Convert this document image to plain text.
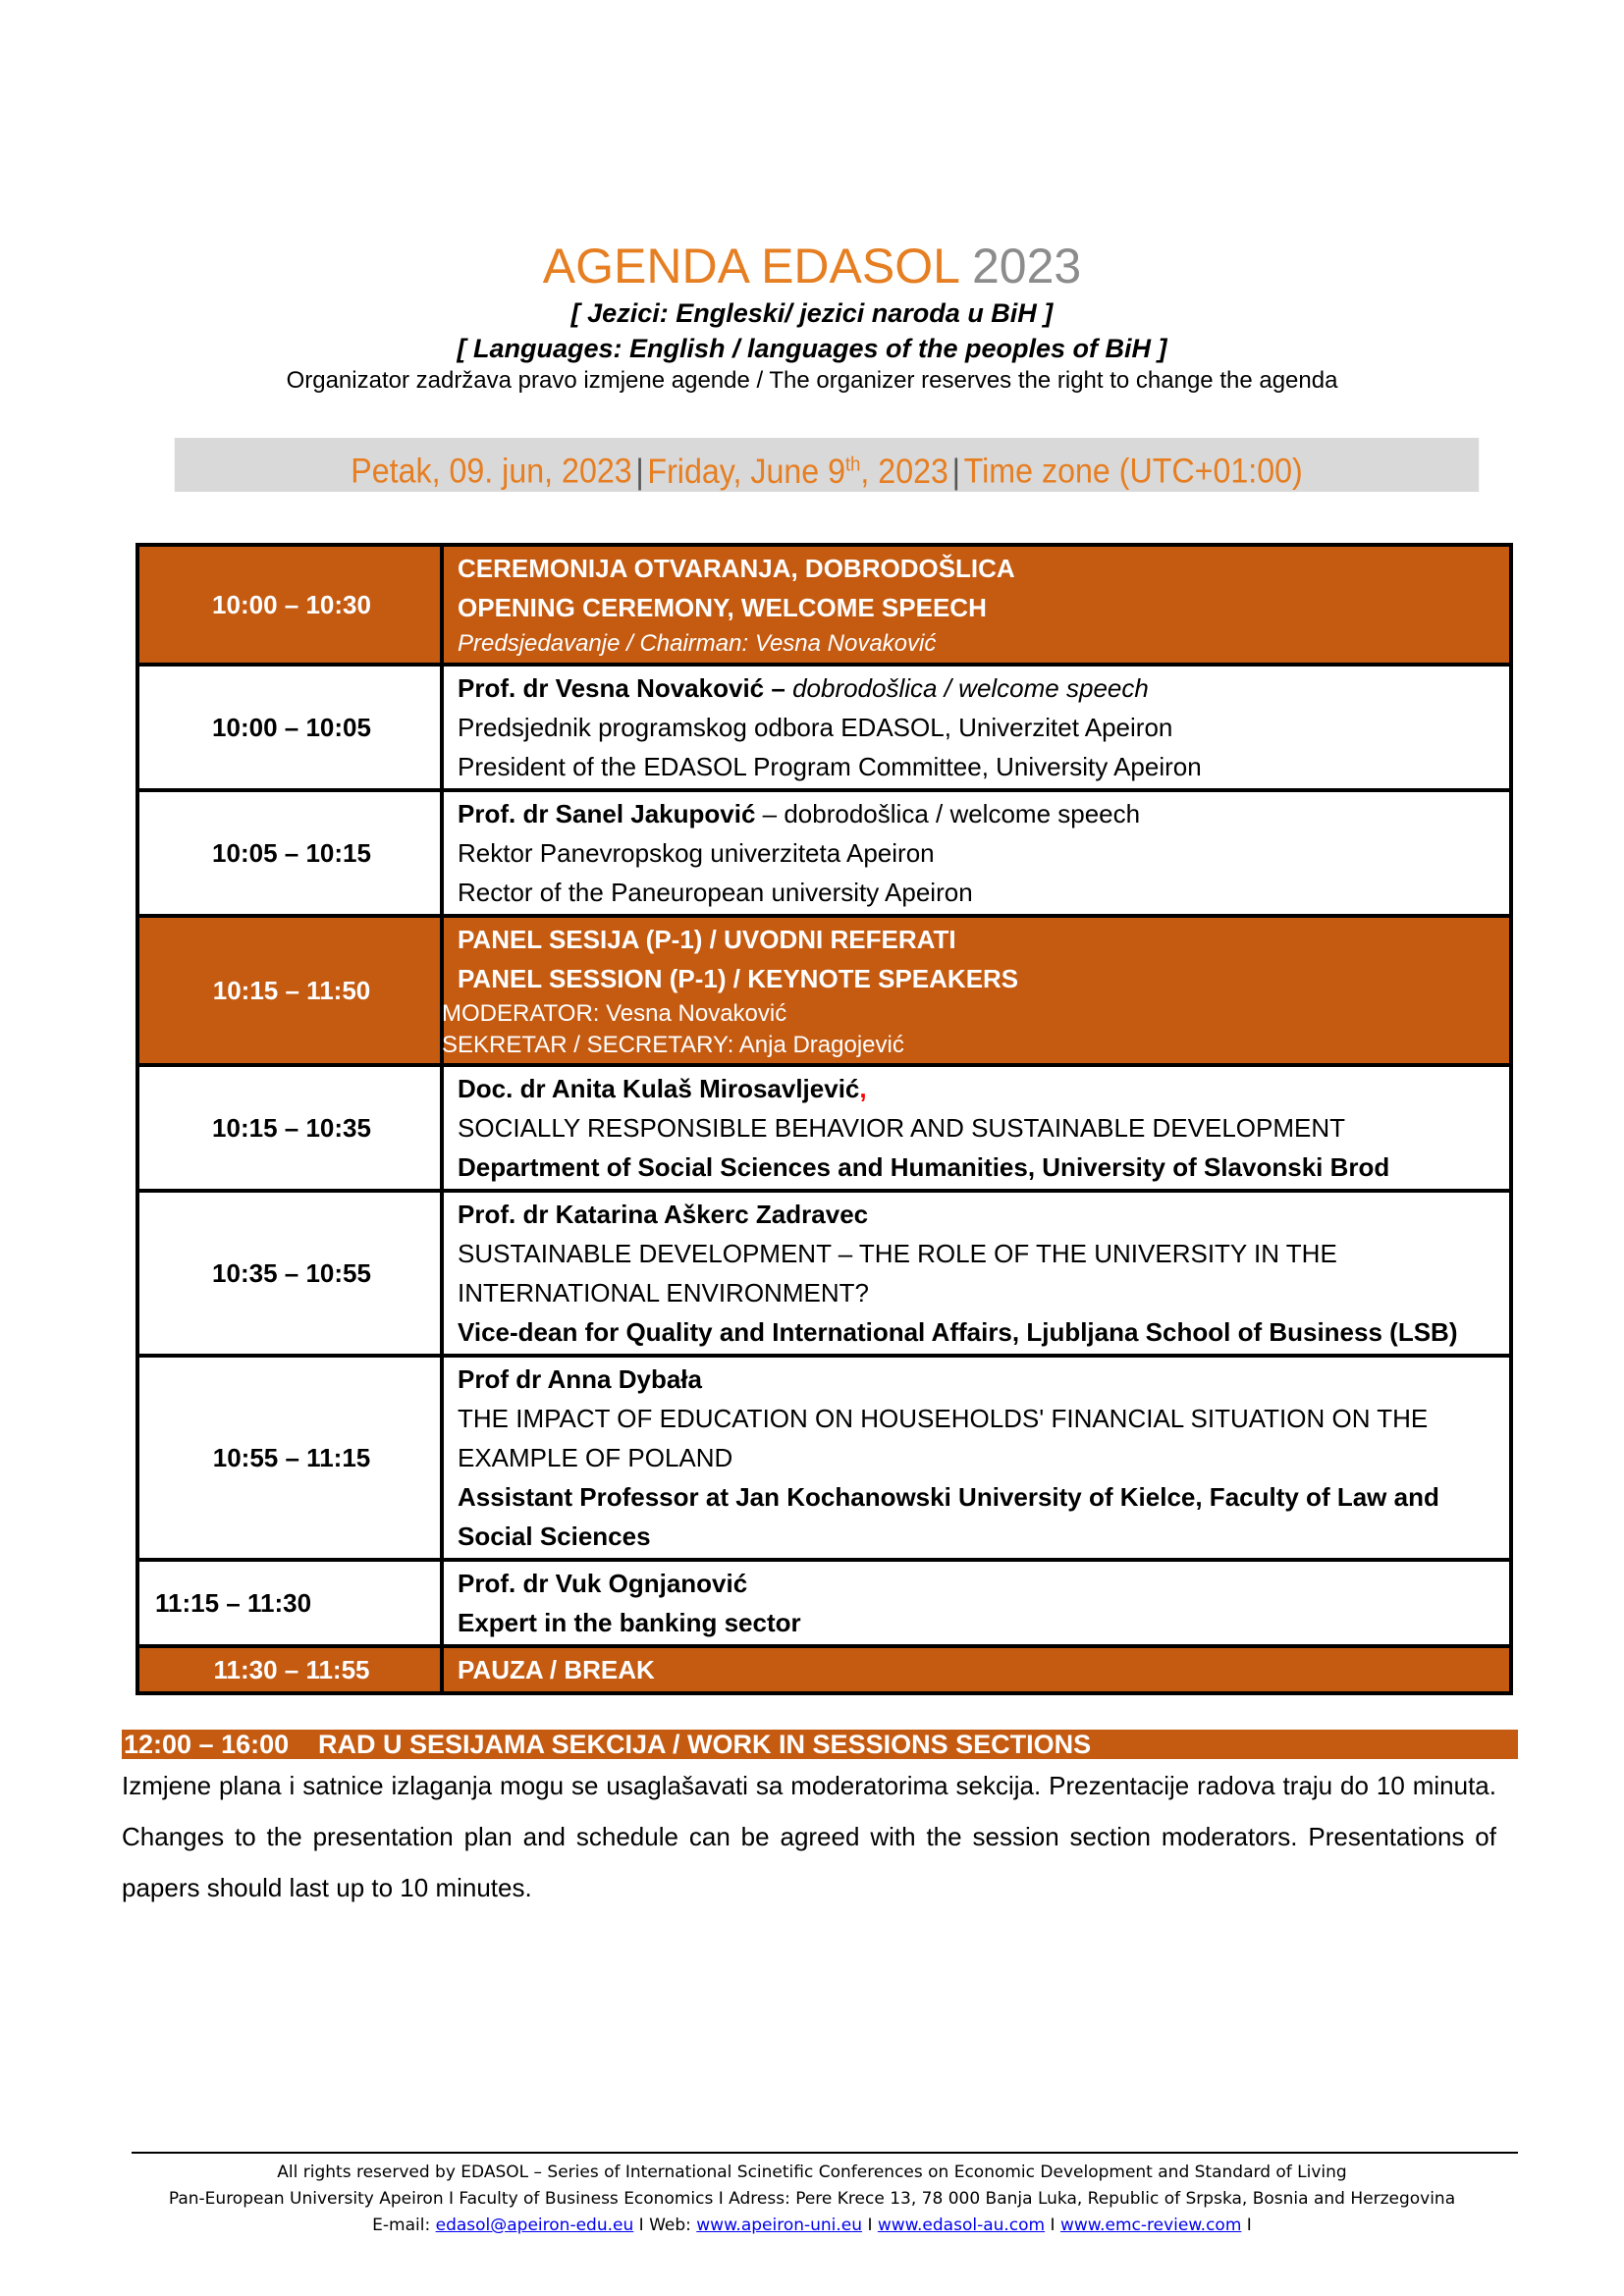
AGENDA EDASOL 2023
[ Jezici: Engleski/ jezici naroda u BiH ]
[ Languages: English / languages of the peoples of BiH ]
Organizator zadržava pravo izmjene agende / The organizer reserves the right to change the agenda
Petak, 09. jun, 2023 | Friday, June 9th, 2023 | Time zone (UTC+01:00)
10:00 – 10:30	CEREMONIJA OTVARANJA, DOBRODOŠLICA
OPENING CEREMONY, WELCOME SPEECH
Predsjedavanje / Chairman: Vesna Novaković

10:00 – 10:05	Prof. dr Vesna Novaković – dobrodošlica / welcome speech
Predsjednik programskog odbora EDASOL, Univerzitet Apeiron
President of the EDASOL Program Committee, University Apeiron

10:05 – 10:15	Prof. dr Sanel Jakupović – dobrodošlica / welcome speech
Rektor Panevropskog univerziteta Apeiron
Rector of the Paneuropean university Apeiron

10:15 – 11:50	PANEL SESIJA (P-1) / UVODNI REFERATI
PANEL SESSION (P-1) / KEYNOTE SPEAKERS
MODERATOR: Vesna Novaković
SEKRETAR / SECRETARY: Anja Dragojević

10:15 – 10:35	Doc. dr Anita Kulaš Mirosavljević,
SOCIALLY RESPONSIBLE BEHAVIOR AND SUSTAINABLE DEVELOPMENT
Department of Social Sciences and Humanities, University of Slavonski Brod

10:35 – 10:55	Prof. dr Katarina Aškerc Zadravec
SUSTAINABLE DEVELOPMENT – THE ROLE OF THE UNIVERSITY IN THE
INTERNATIONAL ENVIRONMENT?
Vice-dean for Quality and International Affairs, Ljubljana School of Business (LSB)

10:55 – 11:15	Prof dr Anna Dybała
THE IMPACT OF EDUCATION ON HOUSEHOLDS' FINANCIAL SITUATION ON THE
EXAMPLE OF POLAND
Assistant Professor at Jan Kochanowski University of Kielce, Faculty of Law and Social Sciences

11:15 – 11:30	Prof. dr Vuk Ognjanović
Expert in the banking sector

11:30 – 11:55	PAUZA / BREAK
12:00 – 16:00 RAD U SESIJAMA SEKCIJA / WORK IN SESSIONS SECTIONS
Izmjene plana i satnice izlaganja mogu se usaglašavati sa moderatorima sekcija. Prezentacije radova traju do 10 minuta. Changes to the presentation plan and schedule can be agreed with the session section moderators. Presentations of papers should last up to 10 minutes.
All rights reserved by EDASOL – Series of International Scinetific Conferences on Economic Development and Standard of Living
Pan-European University Apeiron I Faculty of Business Economics I Adress: Pere Krece 13, 78 000 Banja Luka, Republic of Srpska, Bosnia and Herzegovina
E-mail: edasol@apeiron-edu.eu I Web: www.apeiron-uni.eu I www.edasol-au.com I www.emc-review.com I
